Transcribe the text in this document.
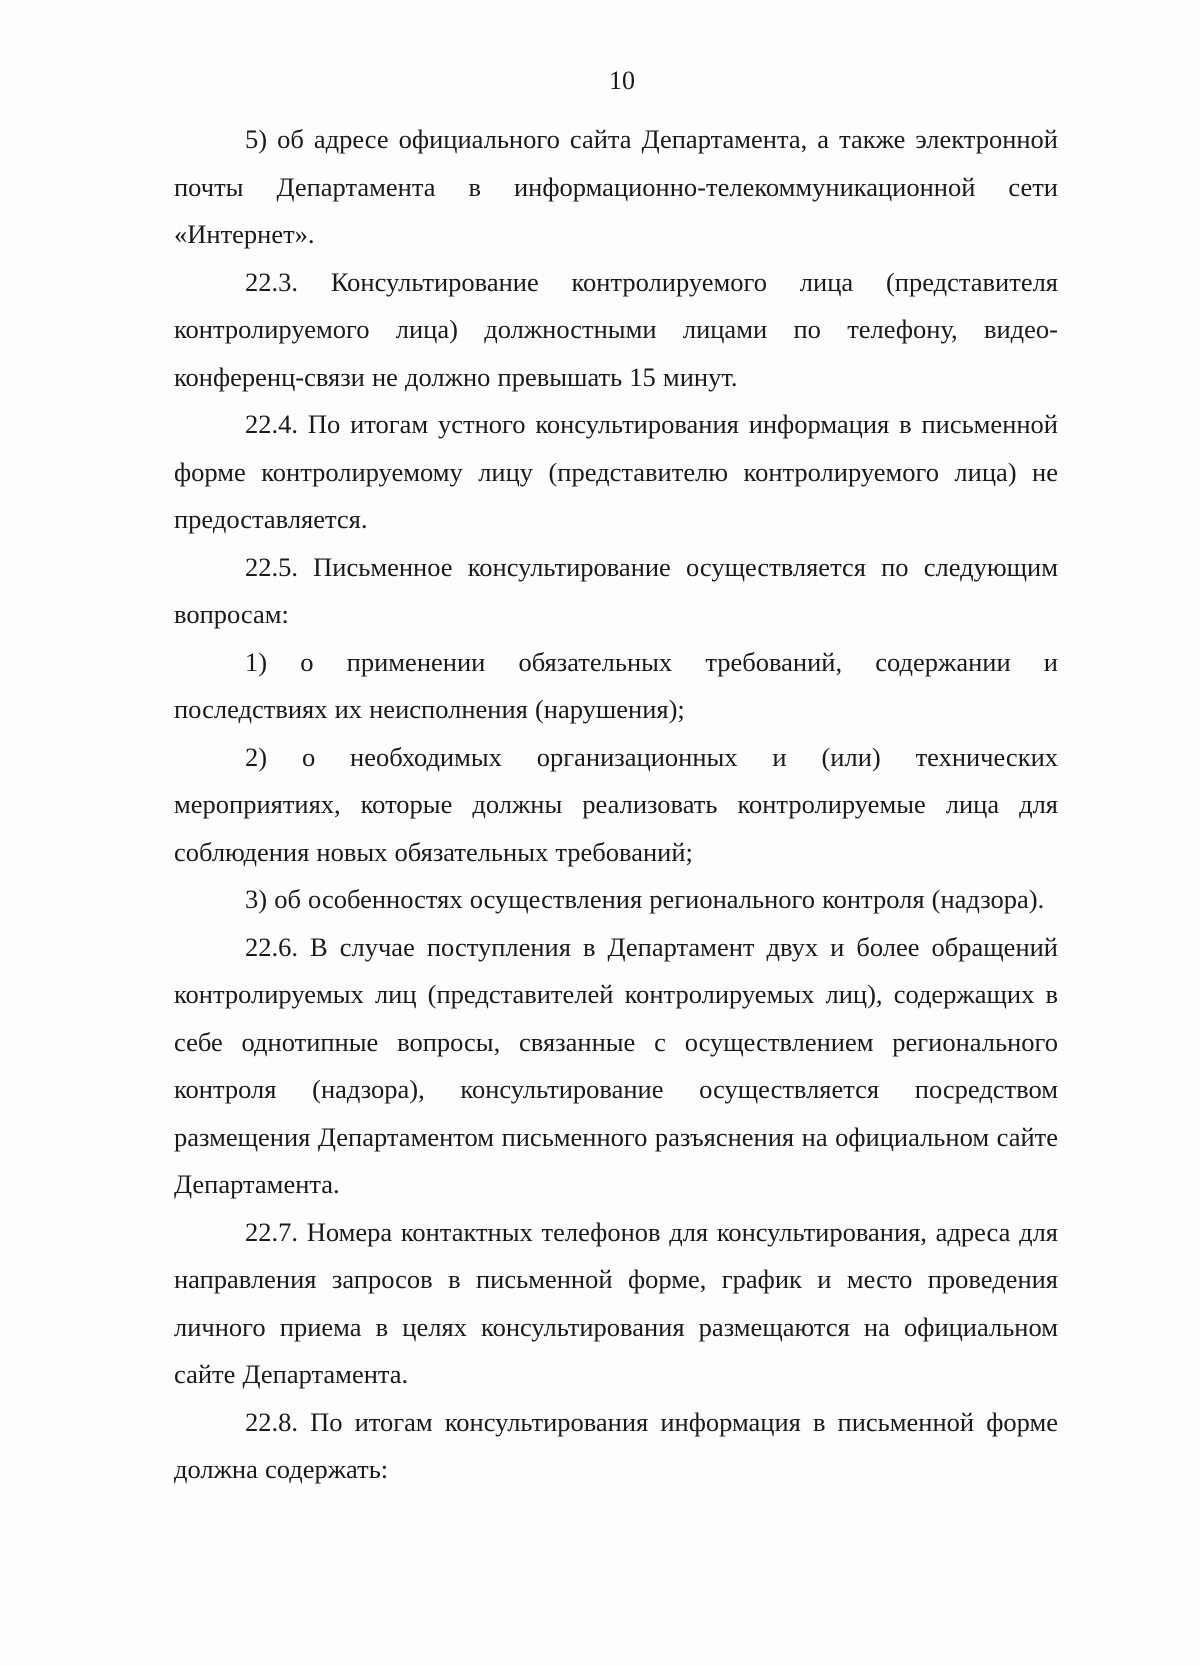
10

5) об адресе официального сайта Департамента, а также электронной почты Департамента в информационно-телекоммуникационной сети «Интернет».

22.3. Консультирование контролируемого лица (представителя контролируемого лица) должностными лицами по телефону, видео-конференц-связи не должно превышать 15 минут.

22.4. По итогам устного консультирования информация в письменной форме контролируемому лицу (представителю контролируемого лица) не предоставляется.

22.5. Письменное консультирование осуществляется по следующим вопросам:

1) о применении обязательных требований, содержании и последствиях их неисполнения (нарушения);

2) о необходимых организационных и (или) технических мероприятиях, которые должны реализовать контролируемые лица для соблюдения новых обязательных требований;

3) об особенностях осуществления регионального контроля (надзора).

22.6. В случае поступления в Департамент двух и более обращений контролируемых лиц (представителей контролируемых лиц), содержащих в себе однотипные вопросы, связанные с осуществлением регионального контроля (надзора), консультирование осуществляется посредством размещения Департаментом письменного разъяснения на официальном сайте Департамента.

22.7. Номера контактных телефонов для консультирования, адреса для направления запросов в письменной форме, график и место проведения личного приема в целях консультирования размещаются на официальном сайте Департамента.

22.8. По итогам консультирования информация в письменной форме должна содержать:
